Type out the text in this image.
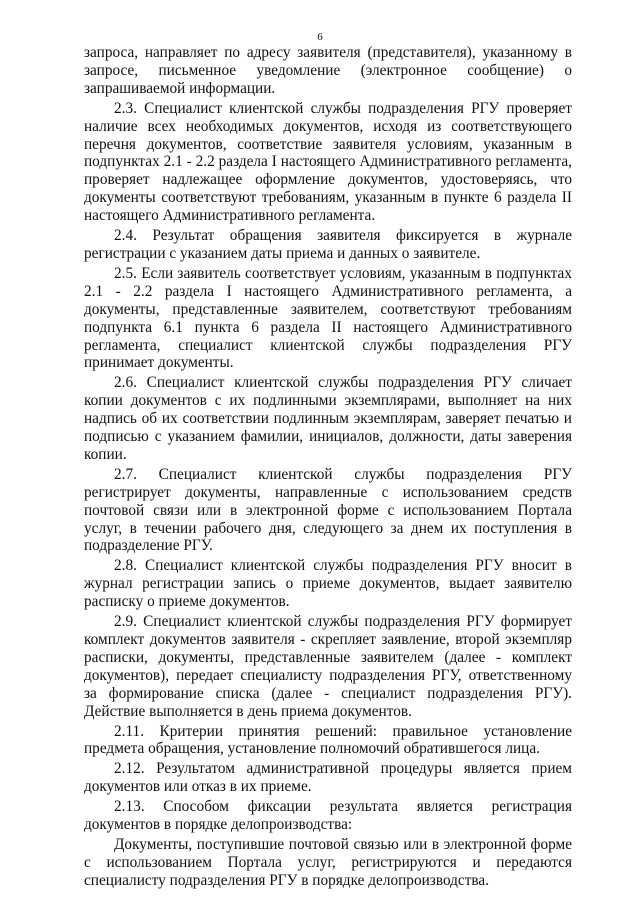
6

запроса, направляет по адресу заявителя (представителя), указанному в запросе, письменное уведомление (электронное сообщение) о запрашиваемой информации.

2.3. Специалист клиентской службы подразделения РГУ проверяет наличие всех необходимых документов, исходя из соответствующего перечня документов, соответствие заявителя условиям, указанным в подпунктах 2.1 - 2.2 раздела I настоящего Административного регламента, проверяет надлежащее оформление документов, удостоверяясь, что документы соответствуют требованиям, указанным в пункте 6 раздела II настоящего Административного регламента.

2.4. Результат обращения заявителя фиксируется в журнале регистрации с указанием даты приема и данных о заявителе.

2.5. Если заявитель соответствует условиям, указанным в подпунктах 2.1 - 2.2 раздела I настоящего Административного регламента, а документы, представленные заявителем, соответствуют требованиям подпункта 6.1 пункта 6 раздела II настоящего Административного регламента, специалист клиентской службы подразделения РГУ принимает документы.

2.6. Специалист клиентской службы подразделения РГУ сличает копии документов с их подлинными экземплярами, выполняет на них надпись об их соответствии подлинным экземплярам, заверяет печатью и подписью с указанием фамилии, инициалов, должности, даты заверения копии.

2.7. Специалист клиентской службы подразделения РГУ регистрирует документы, направленные с использованием средств почтовой связи или в электронной форме с использованием Портала услуг, в течении рабочего дня, следующего за днем их поступления в подразделение РГУ.

2.8. Специалист клиентской службы подразделения РГУ вносит в журнал регистрации запись о приеме документов, выдает заявителю расписку о приеме документов.

2.9. Специалист клиентской службы подразделения РГУ формирует комплект документов заявителя - скрепляет заявление, второй экземпляр расписки, документы, представленные заявителем (далее - комплект документов), передает специалисту подразделения РГУ, ответственному за формирование списка (далее - специалист подразделения РГУ). Действие выполняется в день приема документов.

2.11. Критерии принятия решений: правильное установление предмета обращения, установление полномочий обратившегося лица.

2.12. Результатом административной процедуры является прием документов или отказ в их приеме.

2.13. Способом фиксации результата является регистрация документов в порядке делопроизводства:

Документы, поступившие почтовой связью или в электронной форме с использованием Портала услуг, регистрируются и передаются специалисту подразделения РГУ в порядке делопроизводства.
